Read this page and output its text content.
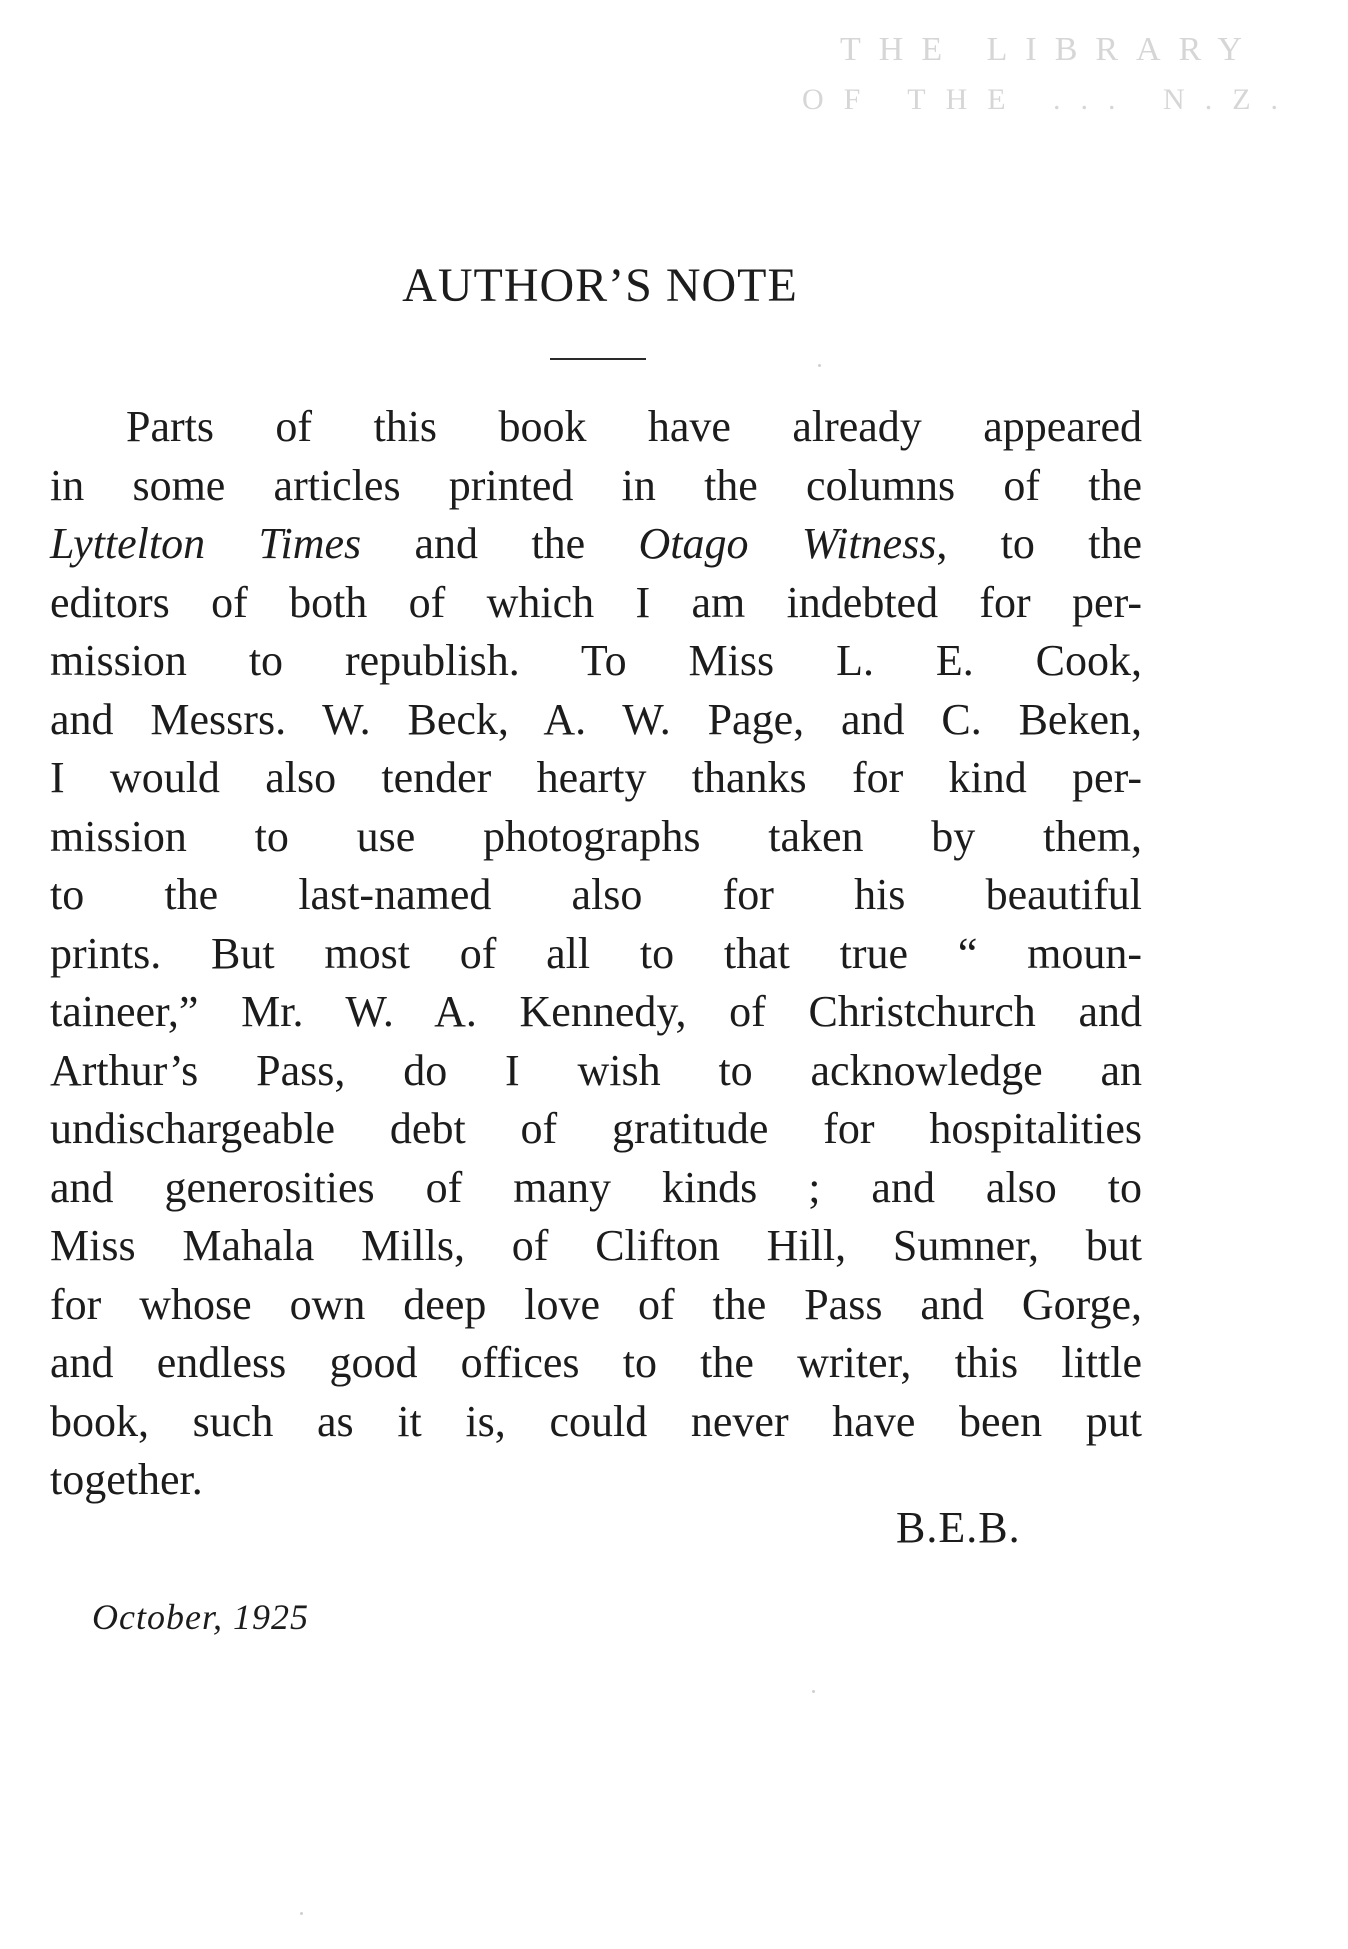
THE LIBRARY
OF THE ... N.Z.
AUTHOR’S NOTE
Parts of this book have already appeared
in some articles printed in the columns of the
Lyttelton Times and the Otago Witness, to the
editors of both of which I am indebted for per-
mission to republish. To Miss L. E. Cook,
and Messrs. W. Beck, A. W. Page, and C. Beken,
I would also tender hearty thanks for kind per-
mission to use photographs taken by them,
to the last-named also for his beautiful
prints. But most of all to that true “ moun-
taineer,” Mr. W. A. Kennedy, of Christchurch and
Arthur’s Pass, do I wish to acknowledge an
undischargeable debt of gratitude for hospitalities
and generosities of many kinds ; and also to
Miss Mahala Mills, of Clifton Hill, Sumner, but
for whose own deep love of the Pass and Gorge,
and endless good offices to the writer, this little
book, such as it is, could never have been put
together.
B.E.B.
October, 1925
